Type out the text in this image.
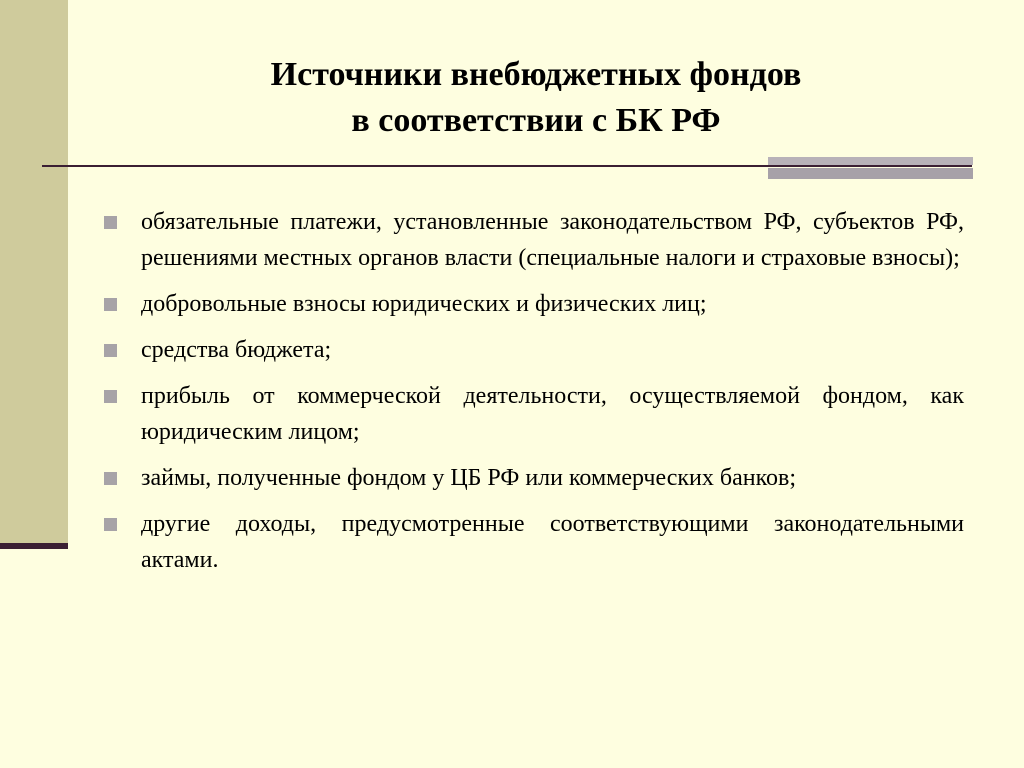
Источники внебюджетных фондов
в соответствии с БК РФ
обязательные платежи, установленные законодательством РФ, субъектов РФ, решениями местных органов власти (специальные налоги и страховые взносы);
добровольные взносы юридических и физических лиц;
средства бюджета;
прибыль от коммерческой деятельности, осуществляемой фондом, как юридическим лицом;
займы, полученные фондом у ЦБ РФ или коммерческих банков;
другие доходы, предусмотренные соответствующими законодательными актами.
